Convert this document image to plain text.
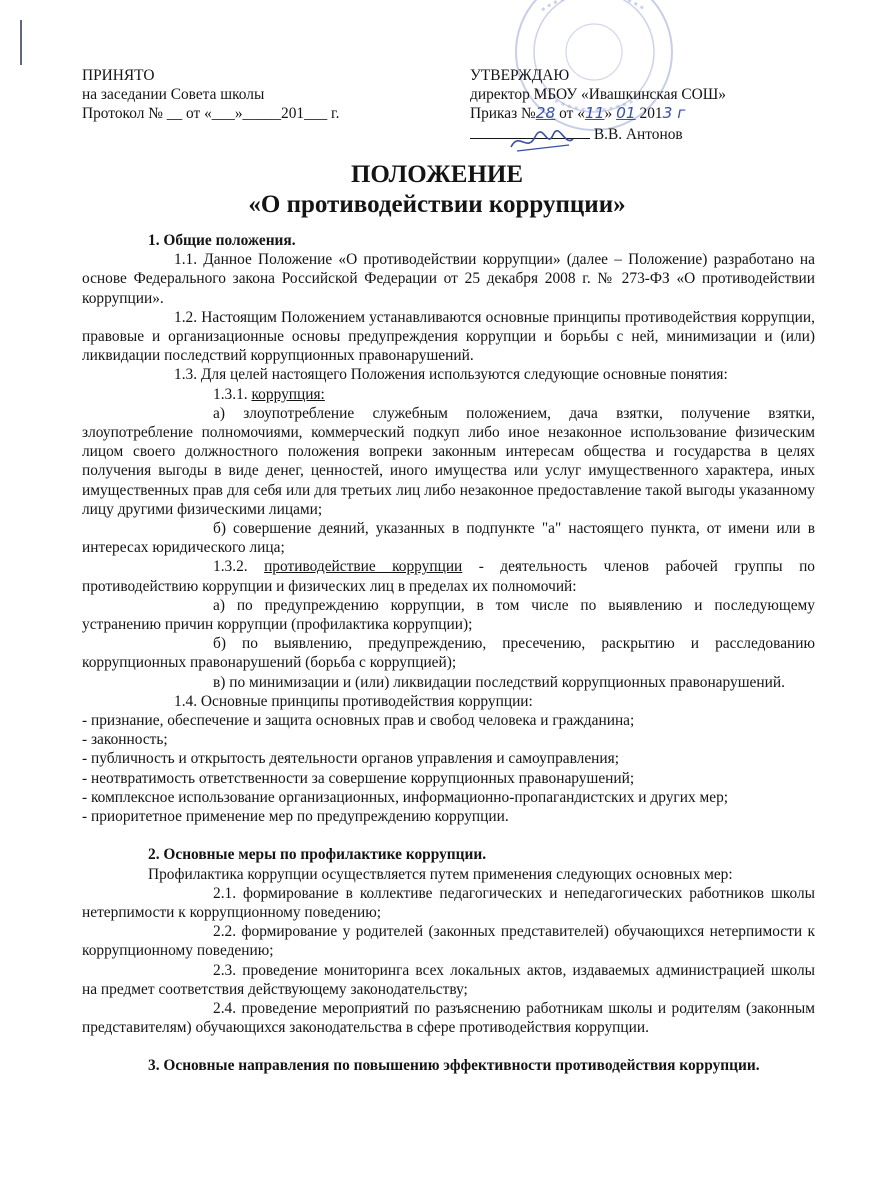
ПРИНЯТО

на заседании Совета школы

Протокол № __ от «___»_____201___ г.

УТВЕРЖДАЮ

директор МБОУ «Ивашкинская СОШ»

Приказ №28 от «11» 01 2013 г

В.В. Антонов

ПОЛОЖЕНИЕ
«О противодействии коррупции»

1. Общие положения.

1.1. Данное Положение «О противодействии коррупции» (далее – Положение) разработано на основе Федерального закона Российской Федерации от 25 декабря 2008 г. № 273-ФЗ «О противодействии коррупции».

1.2. Настоящим Положением устанавливаются основные принципы противодействия коррупции, правовые и организационные основы предупреждения коррупции и борьбы с ней, минимизации и (или) ликвидации последствий коррупционных правонарушений.

1.3. Для целей настоящего Положения используются следующие основные понятия:

1.3.1. коррупция:

а) злоупотребление служебным положением, дача взятки, получение взятки, злоупотребление полномочиями, коммерческий подкуп либо иное незаконное использование физическим лицом своего должностного положения вопреки законным интересам общества и государства в целях получения выгоды в виде денег, ценностей, иного имущества или услуг имущественного характера, иных имущественных прав для себя или для третьих лиц либо незаконное предоставление такой выгоды указанному лицу другими физическими лицами;

б) совершение деяний, указанных в подпункте "а" настоящего пункта, от имени или в интересах юридического лица;

1.3.2. противодействие коррупции - деятельность членов рабочей группы по противодействию коррупции и физических лиц в пределах их полномочий:

а) по предупреждению коррупции, в том числе по выявлению и последующему устранению причин коррупции (профилактика коррупции);

б) по выявлению, предупреждению, пресечению, раскрытию и расследованию коррупционных правонарушений (борьба с коррупцией);

в) по минимизации и (или) ликвидации последствий коррупционных правонарушений.

1.4. Основные принципы противодействия коррупции:

- признание, обеспечение и защита основных прав и свобод человека и гражданина;

- законность;

- публичность и открытость деятельности органов управления и самоуправления;

- неотвратимость ответственности за совершение коррупционных правонарушений;

- комплексное использование организационных, информационно-пропагандистских и других мер;

- приоритетное применение мер по предупреждению коррупции.

2. Основные меры по профилактике коррупции.

Профилактика коррупции осуществляется путем применения следующих основных мер:

2.1. формирование в коллективе педагогических и непедагогических работников школы нетерпимости к коррупционному поведению;

2.2. формирование у родителей (законных представителей) обучающихся нетерпимости к коррупционному поведению;

2.3. проведение мониторинга всех локальных актов, издаваемых администрацией школы на предмет соответствия действующему законодательству;

2.4. проведение мероприятий по разъяснению работникам школы и родителям (законным представителям) обучающихся законодательства в сфере противодействия коррупции.

3. Основные направления по повышению эффективности противодействия коррупции.
